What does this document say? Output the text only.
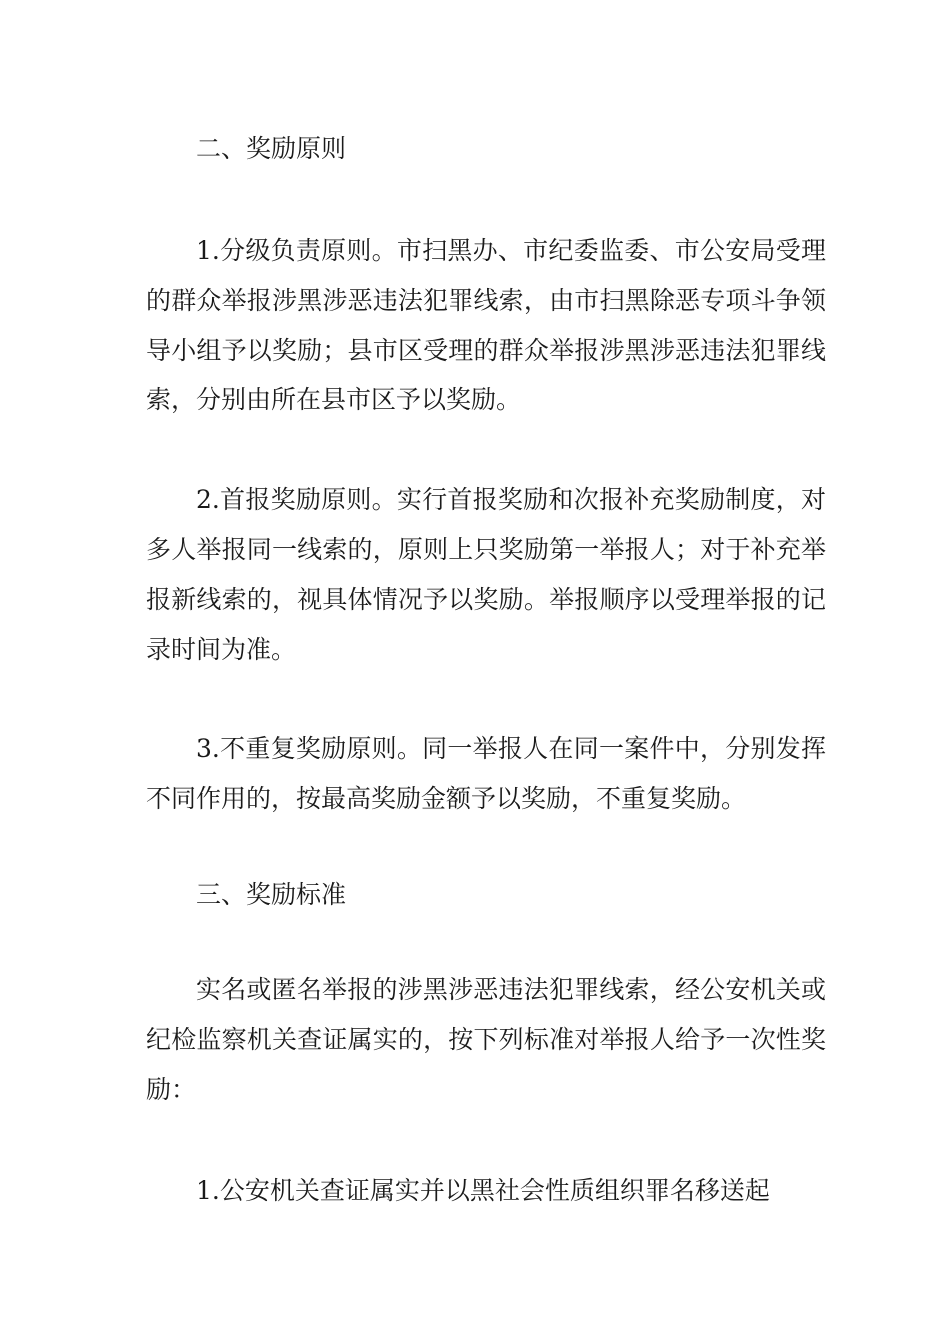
二、奖励原则

1.分级负责原则。市扫黑办、市纪委监委、市公安局受理的群众举报涉黑涉恶违法犯罪线索，由市扫黑除恶专项斗争领导小组予以奖励；县市区受理的群众举报涉黑涉恶违法犯罪线索，分别由所在县市区予以奖励。

2.首报奖励原则。实行首报奖励和次报补充奖励制度，对多人举报同一线索的，原则上只奖励第一举报人；对于补充举报新线索的，视具体情况予以奖励。举报顺序以受理举报的记录时间为准。

3.不重复奖励原则。同一举报人在同一案件中，分别发挥不同作用的，按最高奖励金额予以奖励，不重复奖励。

三、奖励标准

实名或匿名举报的涉黑涉恶违法犯罪线索，经公安机关或纪检监察机关查证属实的，按下列标准对举报人给予一次性奖励：

1.公安机关查证属实并以黑社会性质组织罪名移送起
